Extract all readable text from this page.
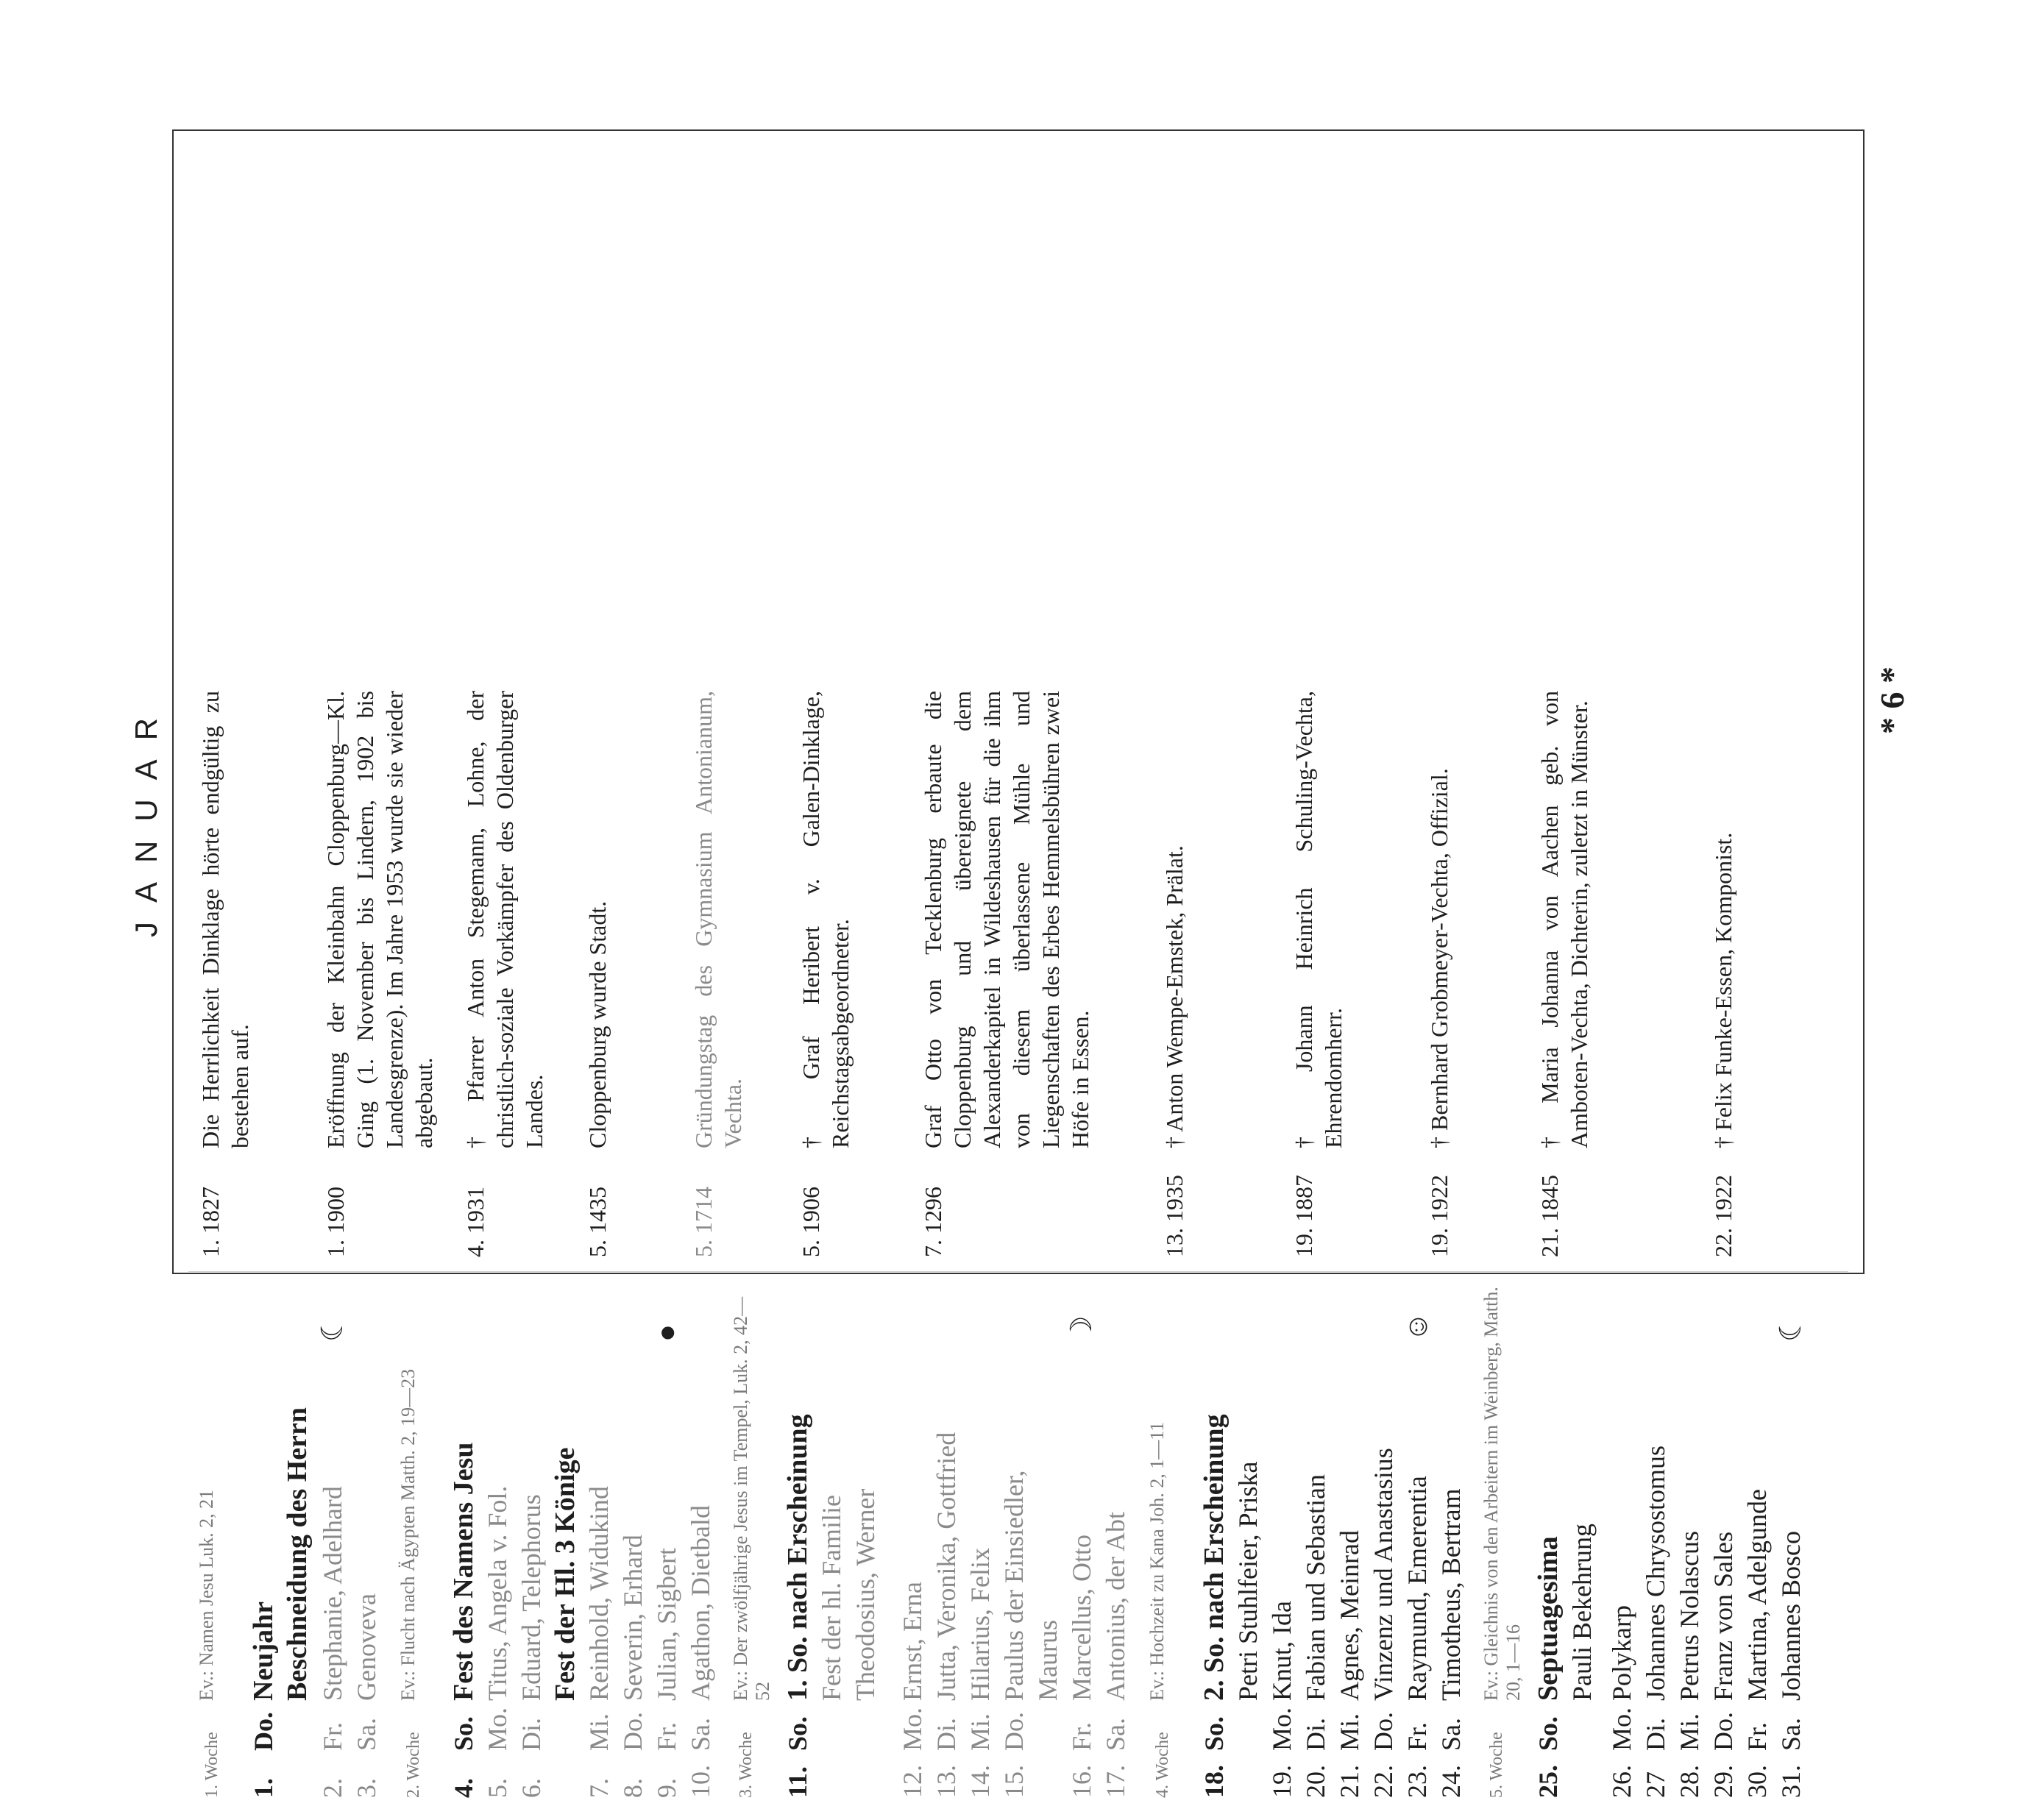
JANUAR
1. Woche
Ev.: Namen Jesu Luk. 2, 21
1.
Do.
Neujahr Beschneidung des Herrn
2.
Fr.
Stephanie, Adelhard
☾
3.
Sa.
Genoveva
2. Woche
Ev.: Flucht nach Ägypten Matth. 2, 19—23
4.
So.
Fest des Namens Jesu
5.
Mo.
Titus, Angela v. Fol.
6.
Di.
Eduard, Telephorus Fest der Hl. 3 Könige
7.
Mi.
Reinhold, Widukind
8.
Do.
Severin, Erhard
9.
Fr.
Julian, Sigbert
●
10.
Sa.
Agathon, Dietbald
3. Woche
Ev.: Der zwölfjährige Jesus im Tempel, Luk. 2, 42—52
11.
So.
1. So. nach Erscheinung Fest der hl. Familie Theodosius, Werner
12.
Mo.
Ernst, Erna
13.
Di.
Jutta, Veronika, Gottfried
14.
Mi.
Hilarius, Felix
15.
Do.
Paulus der Einsiedler, Maurus
16.
Fr.
Marcellus, Otto
☽
17.
Sa.
Antonius, der Abt
4. Woche
Ev.: Hochzeit zu Kana Joh. 2, 1—11
18.
So.
2. So. nach Erscheinung Petri Stuhlfeier, Priska
19.
Mo.
Knut, Ida
20.
Di.
Fabian und Sebastian
21.
Mi.
Agnes, Meinrad
22.
Do.
Vinzenz und Anastasius
23.
Fr.
Raymund, Emerentia
☺
24.
Sa.
Timotheus, Bertram
5. Woche
Ev.: Gleichnis von den Arbeitern im Weinberg, Matth. 20, 1—16
25.
So.
Septuagesima Pauli Bekehrung
26.
Mo.
Polykarp
27
Di.
Johannes Chrysostomus
28.
Mi.
Petrus Nolascus
29.
Do.
Franz von Sales
30.
Fr.
Martina, Adelgunde
31.
Sa.
Johannes Bosco
☾
1. 1827
Die Herrlichkeit Dinklage hörte endgültig zu bestehen auf.
1. 1900
Eröffnung der Kleinbahn Cloppenburg—Kl. Ging (1. November bis Lindern, 1902 bis Landesgrenze). Im Jahre 1953 wurde sie wieder abgebaut.
4. 1931
† Pfarrer Anton Stegemann, Lohne, der christlich-soziale Vorkämpfer des Oldenburger Landes.
5. 1435
Cloppenburg wurde Stadt.
5. 1714
Gründungstag des Gymnasium Antonianum, Vechta.
5. 1906
† Graf Heribert v. Galen-Dinklage, Reichstagsabgeordneter.
7. 1296
Graf Otto von Tecklenburg erbaute die Cloppenburg und übereignete dem Alexanderkapitel in Wildeshausen für die ihm von diesem überlassene Mühle und Liegenschaften des Erbes Hemmelsbühren zwei Höfe in Essen.
13. 1935
† Anton Wempe-Emstek, Prälat.
19. 1887
† Johann Heinrich Schuling-Vechta, Ehrendomherr.
19. 1922
† Bernhard Grobmeyer-Vechta, Offizial.
21. 1845
† Maria Johanna von Aachen geb. von Amboten-Vechta, Dichterin, zuletzt in Münster.
22. 1922
† Felix Funke-Essen, Komponist.
* 6 *
